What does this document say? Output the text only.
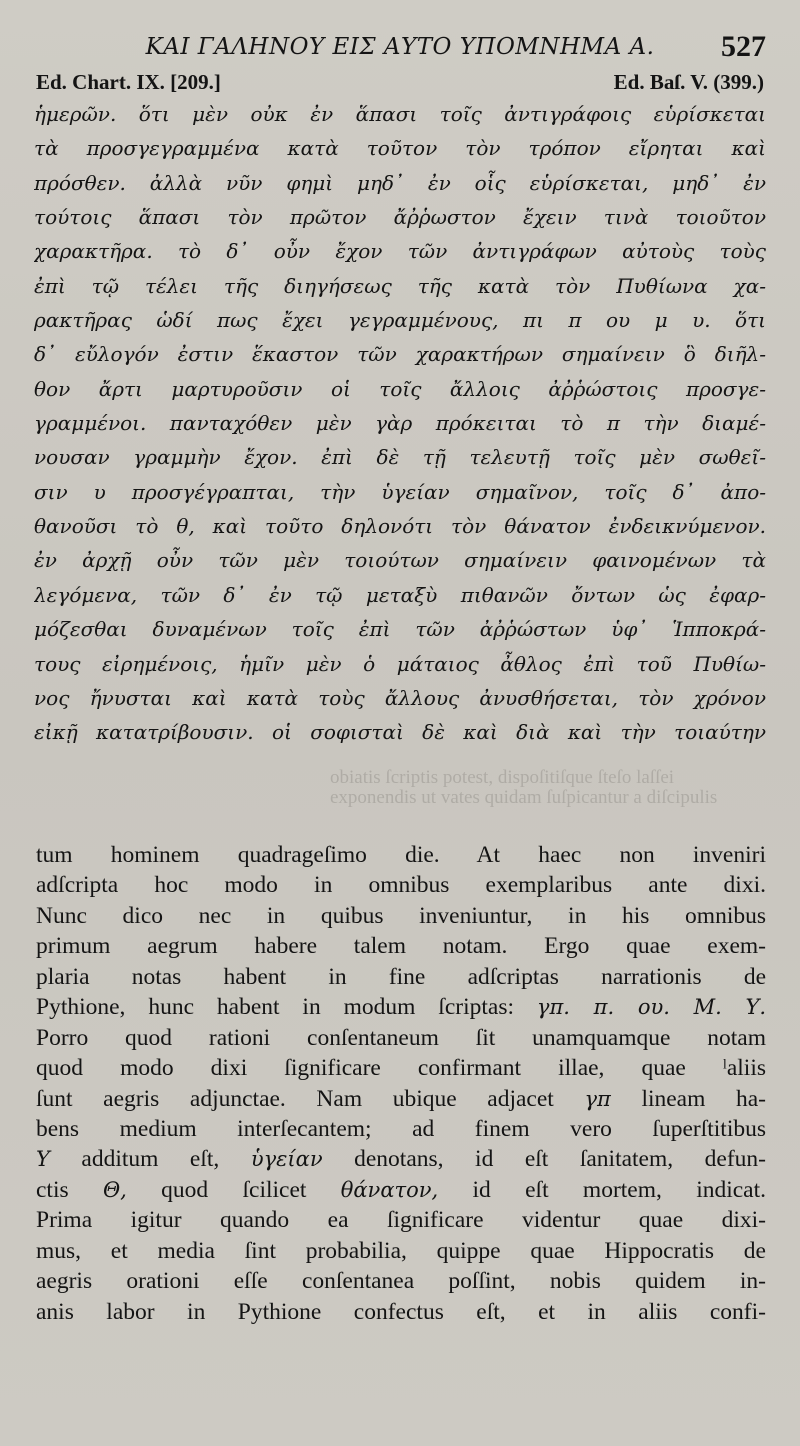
ΚΑΙ ΓΑΛΗΝΟΥ ΕΙΣ ΑΥΤΟ ΥΠΟΜΝΗΜΑ Α.	527
Ed. Chart. IX. [209.]	Ed. Baſ. V. (399.)
ἡμερῶν. ὅτι μὲν οὐκ ἐν ἅπασι τοῖς ἀντιγράφοις εὑρίσκεται
τὰ προσγεγραμμένα κατὰ τοῦτον τὸν τρόπον εἴρηται καὶ
πρόσθεν. ἀλλὰ νῦν φημὶ μηδ᾽ ἐν οἷς εὑρίσκεται, μηδ᾽ ἐν
τούτοις ἅπασι τὸν πρῶτον ἄῤῥωστον ἔχειν τινὰ τοιοῦτον
χαρακτῆρα. τὸ δ᾽ οὖν ἔχον τῶν ἀντιγράφων αὐτοὺς τοὺς
ἐπὶ τῷ τέλει τῆς διηγήσεως τῆς κατὰ τὸν Πυθίωνα χα-
ρακτῆρας ὡδί πως ἔχει γεγραμμένους, πι π ου μ υ. ὅτι
δ᾽ εὔλογόν ἐστιν ἕκαστον τῶν χαρακτήρων σημαίνειν ὃ διῆλ-
θον ἄρτι μαρτυροῦσιν οἱ τοῖς ἄλλοις ἀῤῥώστοις προσγε-
γραμμένοι. πανταχόθεν μὲν γὰρ πρόκειται τὸ π τὴν διαμέ-
νουσαν γραμμὴν ἔχον. ἐπὶ δὲ τῇ τελευτῇ τοῖς μὲν σωθεῖ-
σιν υ προσγέγραπται, τὴν ὑγείαν σημαῖνον, τοῖς δ᾽ ἀπο-
θανοῦσι τὸ θ, καὶ τοῦτο δηλονότι τὸν θάνατον ἐνδεικνύμενον.
ἐν ἀρχῇ οὖν τῶν μὲν τοιούτων σημαίνειν φαινομένων τὰ
λεγόμενα, τῶν δ᾽ ἐν τῷ μεταξὺ πιθανῶν ὄντων ὡς ἐφαρ-
μόζεσθαι δυναμένων τοῖς ἐπὶ τῶν ἀῤῥώστων ὑφ᾽ Ἱπποκρά-
τους εἰρημένοις, ἡμῖν μὲν ὁ μάταιος ἆθλος ἐπὶ τοῦ Πυθίω-
νος ἤνυσται καὶ κατὰ τοὺς ἄλλους ἀνυσθήσεται, τὸν χρόνον
εἰκῇ κατατρίβουσιν. οἱ σοφισταὶ δὲ καὶ διὰ καὶ τὴν τοιαύτην
obiatis ſcriptis potest, dispoſitiſque ſteſo laſſei
exponendis ut vates quidam ſuſpicantur a diſcipulis
tum hominem quadrageſimo die. At haec non inveniri
adſcripta hoc modo in omnibus exemplaribus ante dixi.
Nunc dico nec in quibus inveniuntur, in his omnibus
primum aegrum habere talem notam. Ergo quae exem-
plaria notas habent in fine adſcriptas narrationis de
Pythione, hunc habent in modum ſcriptas: γπ. π. ου. Μ. Υ.
Porro quod rationi conſentaneum ſit unamquamque notam
quod modo dixi ſignificare confirmant illae, quae ˡaliis
ſunt aegris adjunctae. Nam ubique adjacet γπ lineam ha-
bens medium interſecantem; ad finem vero ſuperſtitibus
Υ additum eſt, ὑγείαν denotans, id eſt ſanitatem, defun-
ctis Θ, quod ſcilicet θάνατον, id eſt mortem, indicat.
Prima igitur quando ea ſignificare videntur quae dixi-
mus, et media ſint probabilia, quippe quae Hippocratis de
aegris orationi eſſe conſentanea poſſint, nobis quidem in-
anis labor in Pythione confectus eſt, et in aliis confi-
